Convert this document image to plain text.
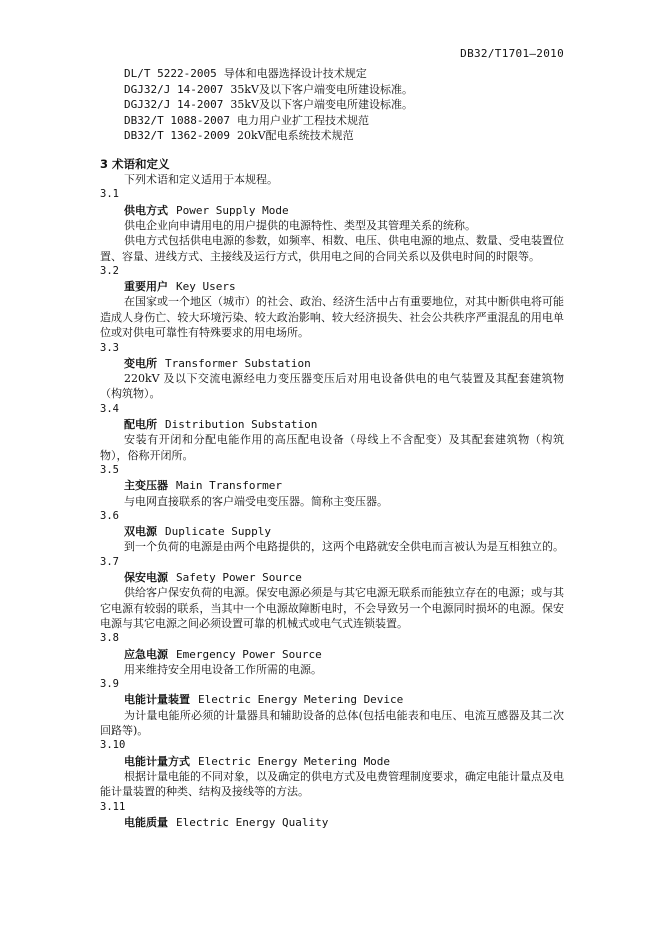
DB32/T1701—2010
DL/T 5222-2005 导体和电器选择设计技术规定
DGJ32/J 14-2007 35kV及以下客户端变电所建设标准。
DGJ32/J 14-2007 35kV及以下客户端变电所建设标准。
DB32/T 1088-2007 电力用户业扩工程技术规范
DB32/T 1362-2009 20kV配电系统技术规范
3 术语和定义
下列术语和定义适用于本规程。
3.1
供电方式 Power Supply Mode
供电企业向申请用电的用户提供的电源特性、类型及其管理关系的统称。
供电方式包括供电电源的参数，如频率、相数、电压、供电电源的地点、数量、受电装置位置、容量、进线方式、主接线及运行方式，供用电之间的合同关系以及供电时间的时限等。
3.2
重要用户 Key Users
在国家或一个地区（城市）的社会、政治、经济生活中占有重要地位，对其中断供电将可能造成人身伤亡、较大环境污染、较大政治影响、较大经济损失、社会公共秩序严重混乱的用电单位或对供电可靠性有特殊要求的用电场所。
3.3
变电所 Transformer Substation
220kV 及以下交流电源经电力变压器变压后对用电设备供电的电气装置及其配套建筑物（构筑物）。
3.4
配电所 Distribution Substation
安装有开闭和分配电能作用的高压配电设备（母线上不含配变）及其配套建筑物（构筑物），俗称开闭所。
3.5
主变压器 Main Transformer
与电网直接联系的客户端受电变压器。简称主变压器。
3.6
双电源 Duplicate Supply
到一个负荷的电源是由两个电路提供的，这两个电路就安全供电而言被认为是互相独立的。
3.7
保安电源 Safety Power Source
供给客户保安负荷的电源。保安电源必须是与其它电源无联系而能独立存在的电源；或与其它电源有较弱的联系，当其中一个电源故障断电时，不会导致另一个电源同时损坏的电源。保安电源与其它电源之间必须设置可靠的机械式或电气式连锁装置。
3.8
应急电源 Emergency Power Source
用来维持安全用电设备工作所需的电源。
3.9
电能计量装置 Electric Energy Metering Device
为计量电能所必须的计量器具和辅助设备的总体(包括电能表和电压、电流互感器及其二次回路等)。
3.10
电能计量方式 Electric Energy Metering Mode
根据计量电能的不同对象，以及确定的供电方式及电费管理制度要求，确定电能计量点及电能计量装置的种类、结构及接线等的方法。
3.11
电能质量 Electric Energy Quality
